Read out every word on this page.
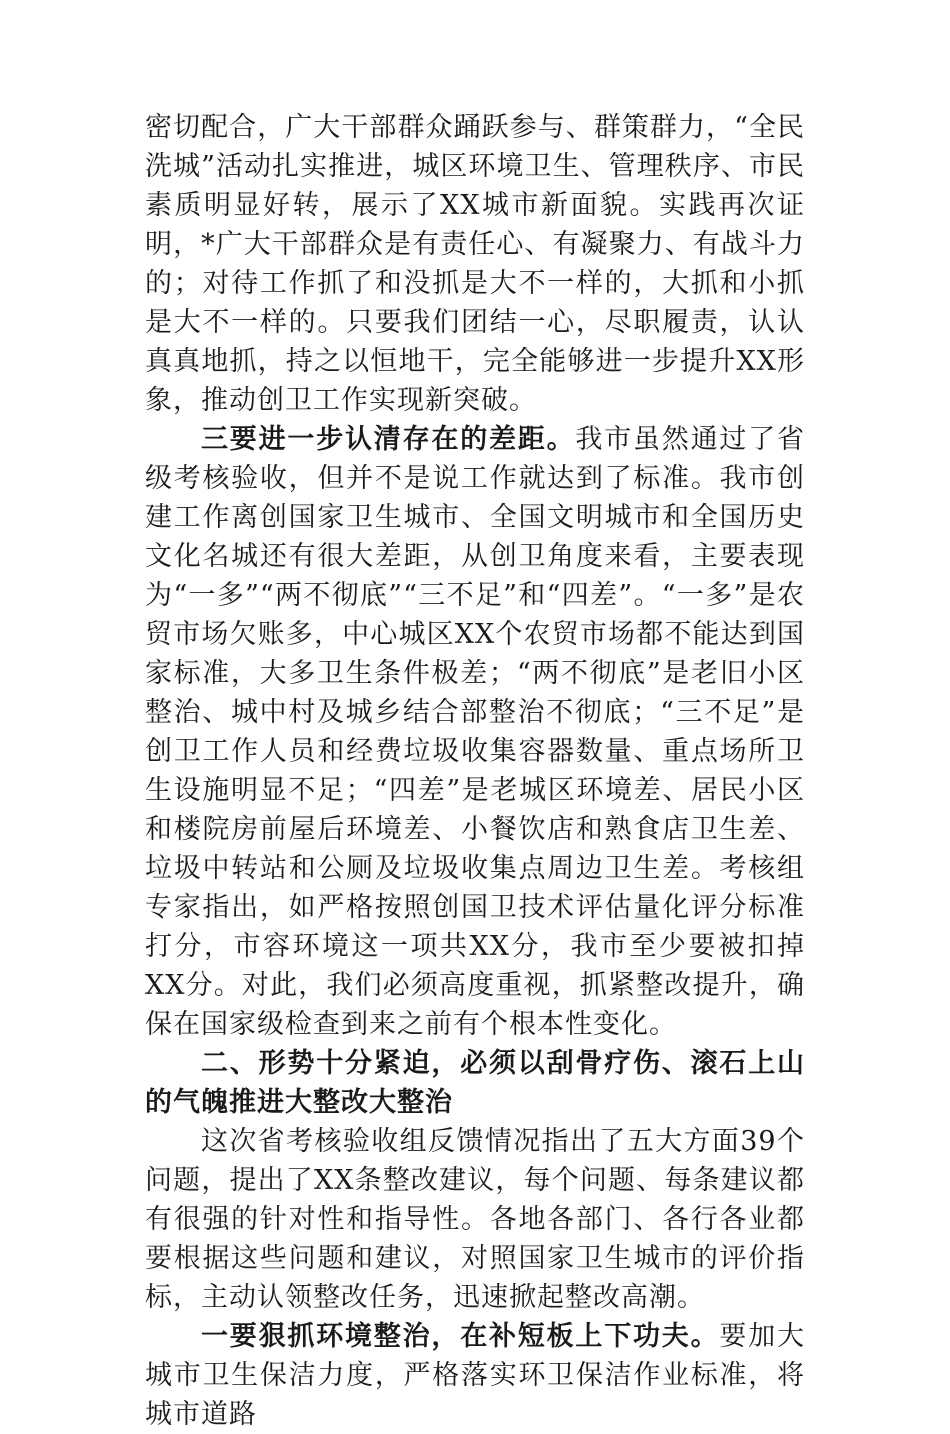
密切配合，广大干部群众踊跃参与、群策群力，“全民洗城”活动扎实推进，城区环境卫生、管理秩序、市民素质明显好转，展示了XX城市新面貌。实践再次证明，*广大干部群众是有责任心、有凝聚力、有战斗力的；对待工作抓了和没抓是大不一样的，大抓和小抓是大不一样的。只要我们团结一心，尽职履责，认认真真地抓，持之以恒地干，完全能够进一步提升XX形象，推动创卫工作实现新突破。

三要进一步认清存在的差距。我市虽然通过了省级考核验收，但并不是说工作就达到了标准。我市创建工作离创国家卫生城市、全国文明城市和全国历史文化名城还有很大差距，从创卫角度来看，主要表现为“一多”“两不彻底”“三不足”和“四差”。“一多”是农贸市场欠账多，中心城区XX个农贸市场都不能达到国家标准，大多卫生条件极差；“两不彻底”是老旧小区整治、城中村及城乡结合部整治不彻底；“三不足”是创卫工作人员和经费垃圾收集容器数量、重点场所卫生设施明显不足；“四差”是老城区环境差、居民小区和楼院房前屋后环境差、小餐饮店和熟食店卫生差、垃圾中转站和公厕及垃圾收集点周边卫生差。考核组专家指出，如严格按照创国卫技术评估量化评分标准打分，市容环境这一项共XX分，我市至少要被扣掉XX分。对此，我们必须高度重视，抓紧整改提升，确保在国家级检查到来之前有个根本性变化。

二、形势十分紧迫，必须以刮骨疗伤、滚石上山的气魄推进大整改大整治

这次省考核验收组反馈情况指出了五大方面39个问题，提出了XX条整改建议，每个问题、每条建议都有很强的针对性和指导性。各地各部门、各行各业都要根据这些问题和建议，对照国家卫生城市的评价指标，主动认领整改任务，迅速掀起整改高潮。

一要狠抓环境整治，在补短板上下功夫。要加大城市卫生保洁力度，严格落实环卫保洁作业标准，将城市道路
